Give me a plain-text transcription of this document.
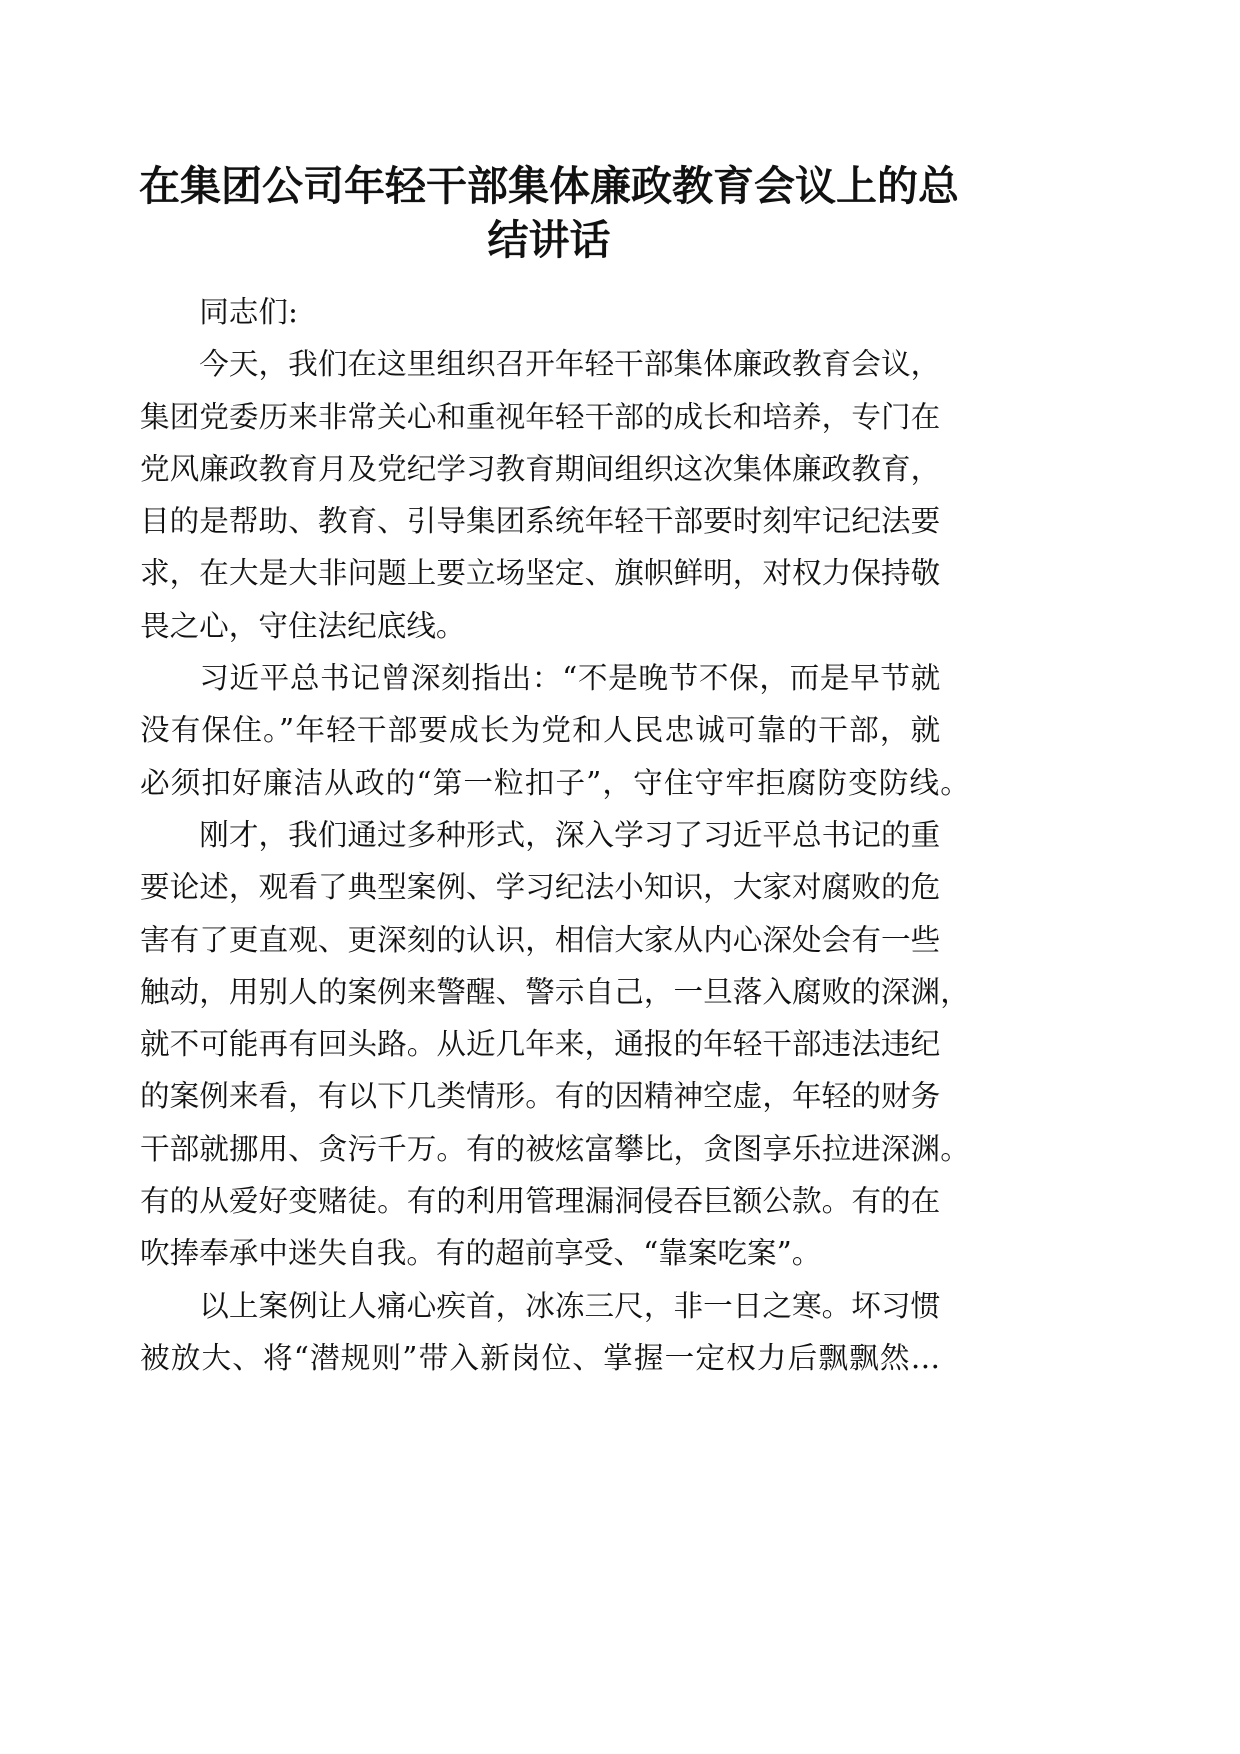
在集团公司年轻干部集体廉政教育会议上的总
结讲话
同志们:
今天，我们在这里组织召开年轻干部集体廉政教育会议，
集团党委历来非常关心和重视年轻干部的成长和培养，专门在
党风廉政教育月及党纪学习教育期间组织这次集体廉政教育，
目的是帮助、教育、引导集团系统年轻干部要时刻牢记纪法要
求，在大是大非问题上要立场坚定、旗帜鲜明，对权力保持敬
畏之心，守住法纪底线。
习近平总书记曾深刻指出：“不是晚节不保，而是早节就
没有保住。”年轻干部要成长为党和人民忠诚可靠的干部，就
必须扣好廉洁从政的“第一粒扣子”，守住守牢拒腐防变防线。
刚才，我们通过多种形式，深入学习了习近平总书记的重
要论述，观看了典型案例、学习纪法小知识，大家对腐败的危
害有了更直观、更深刻的认识，相信大家从内心深处会有一些
触动，用别人的案例来警醒、警示自己，一旦落入腐败的深渊，
就不可能再有回头路。从近几年来，通报的年轻干部违法违纪
的案例来看，有以下几类情形。有的因精神空虚，年轻的财务
干部就挪用、贪污千万。有的被炫富攀比，贪图享乐拉进深渊。
有的从爱好变赌徒。有的利用管理漏洞侵吞巨额公款。有的在
吹捧奉承中迷失自我。有的超前享受、“靠案吃案”。
以上案例让人痛心疾首，冰冻三尺，非一日之寒。坏习惯
被放大、将“潜规则”带入新岗位、掌握一定权力后飘飘然…
